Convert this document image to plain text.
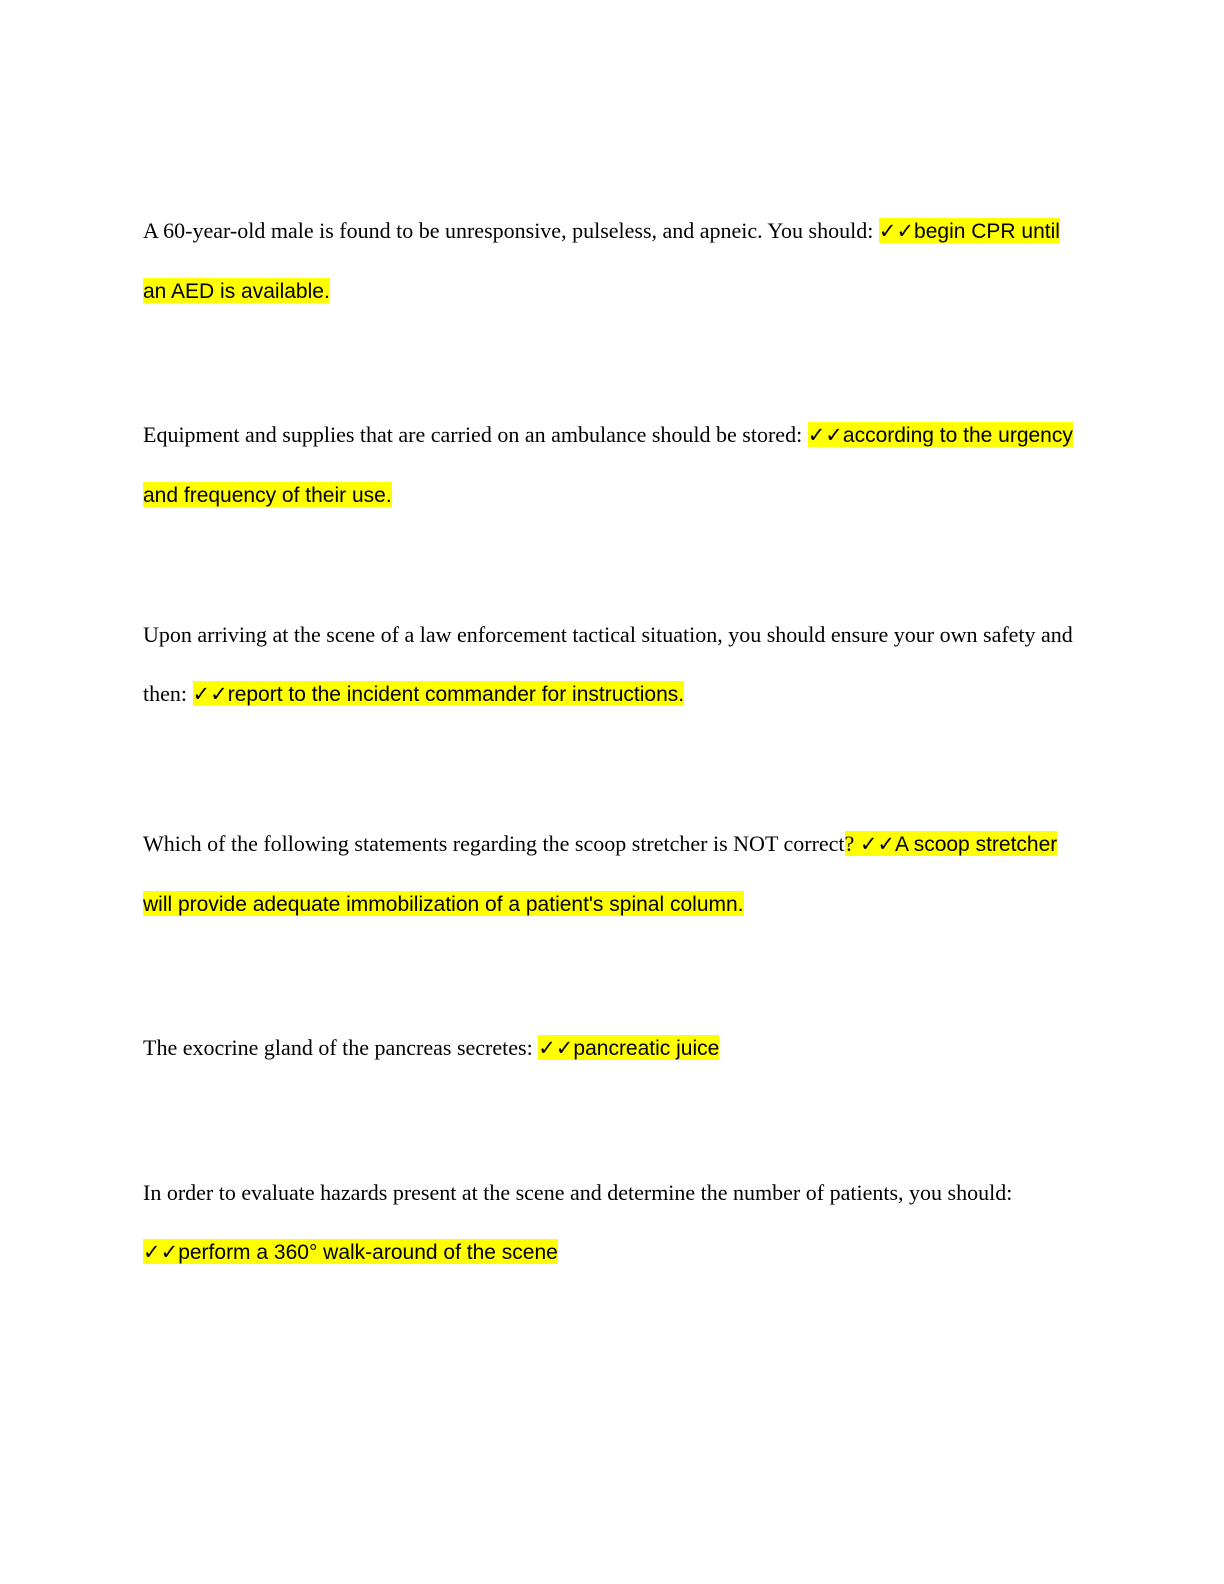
A 60-year-old male is found to be unresponsive, pulseless, and apneic. You should: ✓✓begin CPR until an AED is available.

Equipment and supplies that are carried on an ambulance should be stored: ✓✓according to the urgency and frequency of their use.

Upon arriving at the scene of a law enforcement tactical situation, you should ensure your own safety and then: ✓✓report to the incident commander for instructions.

Which of the following statements regarding the scoop stretcher is NOT correct? ✓✓A scoop stretcher will provide adequate immobilization of a patient's spinal column.

The exocrine gland of the pancreas secretes: ✓✓pancreatic juice

In order to evaluate hazards present at the scene and determine the number of patients, you should: ✓✓perform a 360° walk-around of the scene
